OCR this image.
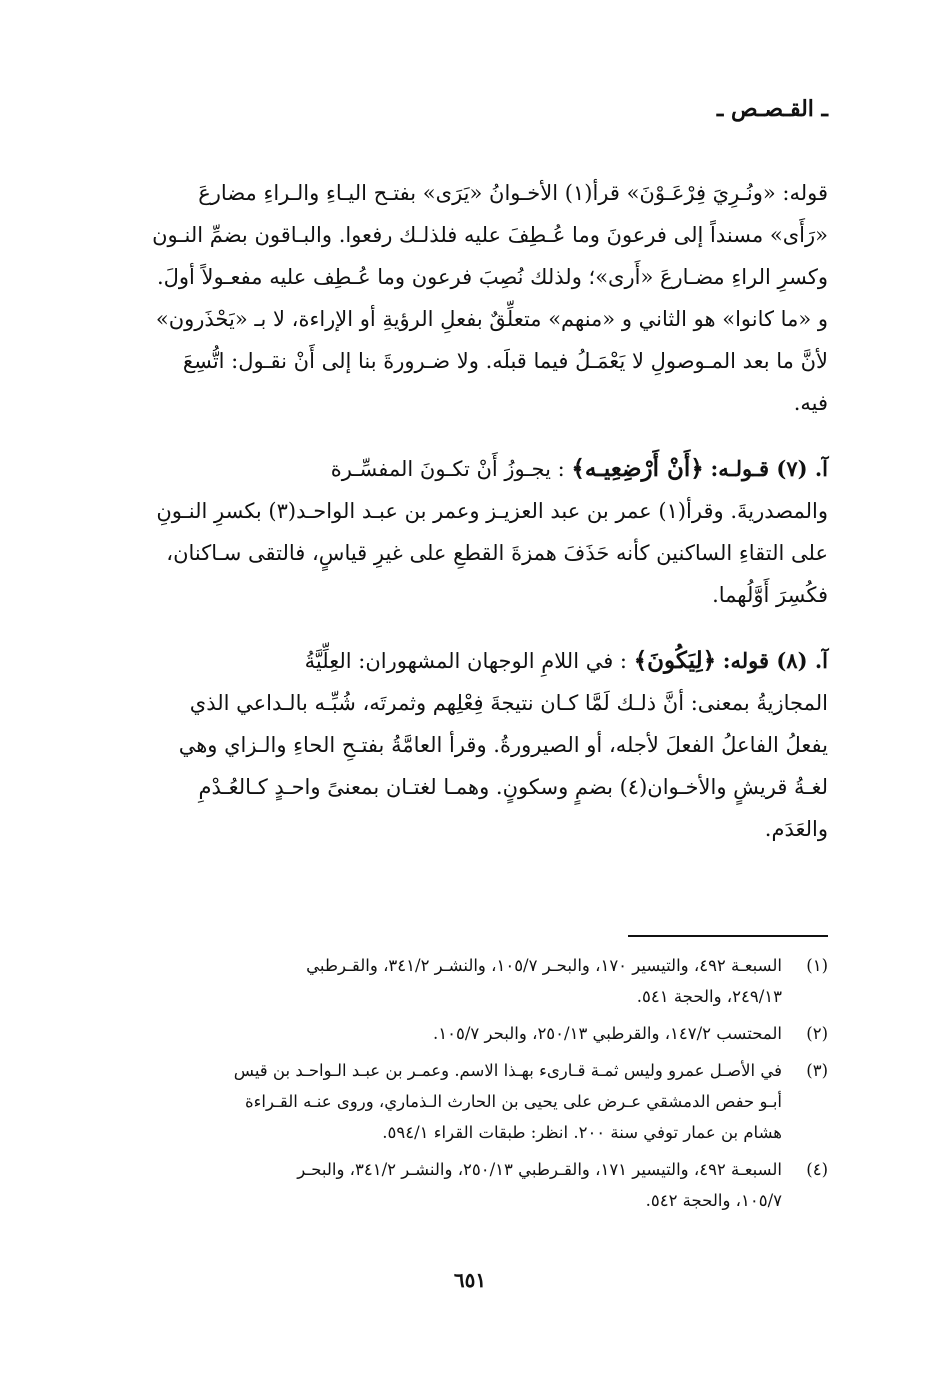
ـ القـصـص ـ

قوله: «ونُـرِيَ فِرْعَـوْنَ» قرأ(١) الأخـوانُ «يَرَى» بفتـح اليـاءِ والـراءِ مضارعَ
«رَأَى» مسنداً إلى فرعونَ وما عُـطِفَ عليه فلذلـك رفعوا. والبـاقون بضمِّ النـون
وكسرِ الراءِ مضـارعَ «أَرى»؛ ولذلك نُصِبَ فرعون وما عُـطِف عليه مفعـولاً أولَ.
و «ما كانوا» هو الثاني و «منهم» متعلِّقٌ بفعلِ الرؤيةِ أو الإراءة، لا بـ «يَحْذَرون»
لأنَّ ما بعد المـوصولِ لا يَعْمَـلُ فيما قبلَه. ولا ضـرورةَ بنا إلى أَنْ نقـول: اتُّسِعَ
فيه.

آ. (٧) قـولـه: ﴿أَنْ أَرْضِعِيـه﴾ : يجـوزُ أَنْ تكـونَ المفسِّـرة
والمصدريةَ. وقرأ(١) عمر بن عبد العزيـز وعمر بن عبـد الواحـد(٣) بكسرِ النـونِ
على التقاءِ الساكنين كأنه حَذَفَ همزةَ القطعِ على غيرِ قياسٍ، فالتقى سـاكنان،
فكُسِرَ أَوَّلُهما.

آ. (٨) قوله: ﴿لِيَكُونَ﴾ : في اللامِ الوجهان المشهوران: العِلِّيَّةُ
المجازيةُ بمعنى: أنَّ ذلـك لَمَّا كـان نتيجةَ فِعْلِهم وثمرتَه، شُبِّـه بالـداعي الذي
يفعلُ الفاعلُ الفعلَ لأجله، أو الصيرورةُ. وقرأ العامَّةُ بفتـحِ الحاءِ والـزاي وهي
لغـةُ قريشٍ والأخـوان(٤) بضمٍ وسكونٍ. وهمـا لغتـان بمعنىً واحـدٍ كـالعُـدْمِ
والعَدَم.

(١)
السبعـة ٤٩٢، والتيسير ١٧٠، والبحـر ١٠٥/٧، والنشـر ٣٤١/٢، والقـرطبي
٢٤٩/١٣، والحجة ٥٤١.
(٢)
المحتسب ١٤٧/٢، والقرطبي ٢٥٠/١٣، والبحر ١٠٥/٧.
(٣)
في الأصـل عمرو وليس ثمـة قـارىء بهـذا الاسم. وعمـر بن عبـد الـواحـد بن قيس
أبـو حفص الدمشقي عـرض على يحيى بن الحارث الـذماري، وروى عنـه القـراءة
هشام بن عمار توفي سنة ٢٠٠. انظر: طبقات القراء ٥٩٤/١.
(٤)
السبعـة ٤٩٢، والتيسير ١٧١، والقـرطبي ٢٥٠/١٣، والنشـر ٣٤١/٢، والبحـر
١٠٥/٧، والحجة ٥٤٢.
٦٥١
